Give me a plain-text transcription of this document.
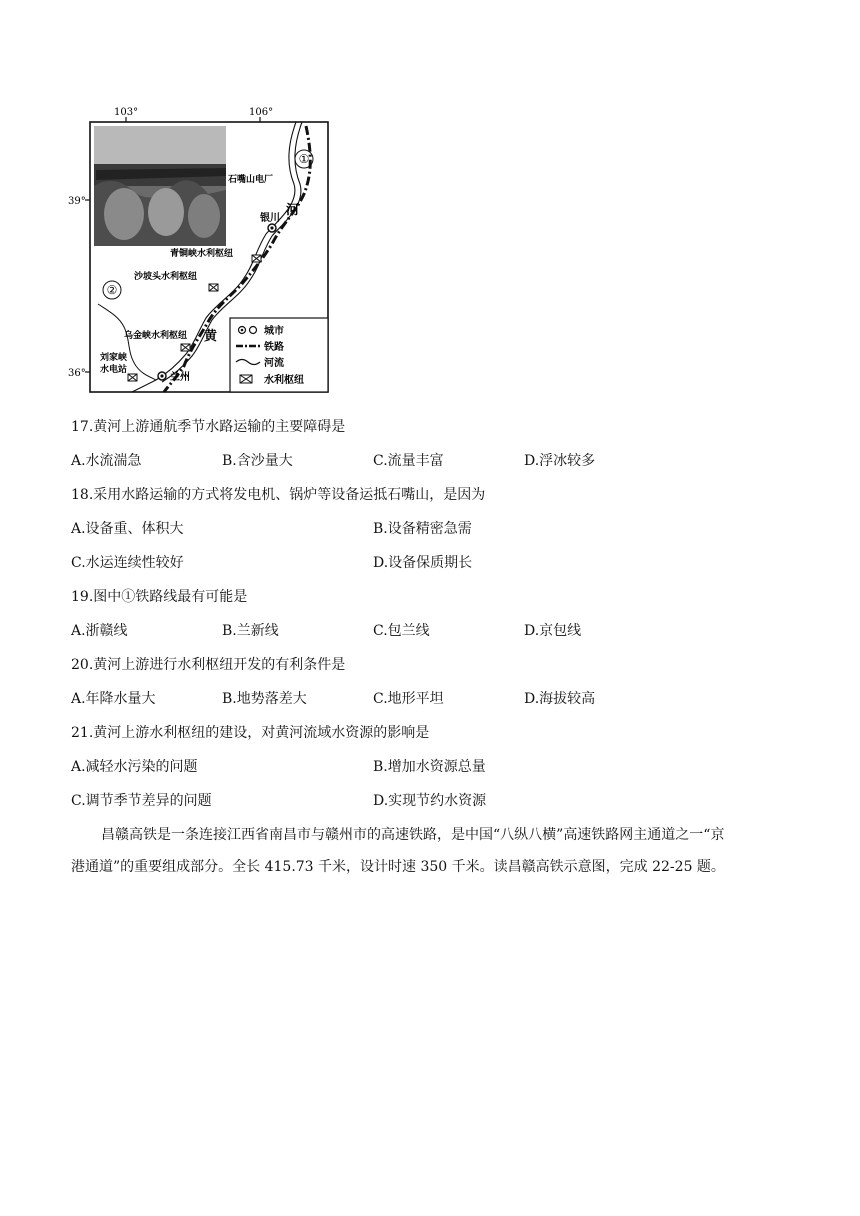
103°	106°
39°
36°
①
②
石嘴山电厂
银川
河
青铜峡水利枢纽
沙坡头水利枢纽
乌金峡水利枢纽 黄
刘家峡
水电站
兰州
城市
铁路
河流
水利枢纽
17.黄河上游通航季节水路运输的主要障碍是
A.水流湍急	B.含沙量大	C.流量丰富	D.浮冰较多
18.采用水路运输的方式将发电机、锅炉等设备运抵石嘴山，是因为
A.设备重、体积大	B.设备精密急需
C.水运连续性较好	D.设备保质期长
19.图中①铁路线最有可能是
A.浙赣线	B.兰新线	C.包兰线	D.京包线
20.黄河上游进行水利枢纽开发的有利条件是
A.年降水量大	B.地势落差大	C.地形平坦	D.海拔较高
21.黄河上游水利枢纽的建设，对黄河流域水资源的影响是
A.减轻水污染的问题	B.增加水资源总量
C.调节季节差异的问题	D.实现节约水资源
昌赣高铁是一条连接江西省南昌市与赣州市的高速铁路，是中国“八纵八横”高速铁路网主通道之一“京
港通道”的重要组成部分。全长 415.73 千米，设计时速 350 千米。读昌赣高铁示意图，完成 22-25 题。
